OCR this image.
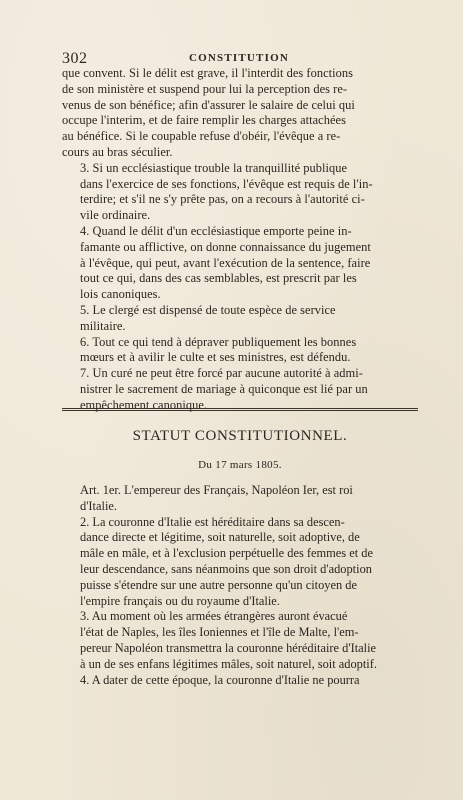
302	CONSTITUTION

que convent. Si le délit est grave, il l'interdit des fonctions
de son ministère et suspend pour lui la perception des re-
venus de son bénéfice; afin d'assurer le salaire de celui qui
occupe l'interim, et de faire remplir les charges attachées
au bénéfice. Si le coupable refuse d'obéir, l'évêque a re-
cours au bras séculier.

3. Si un ecclésiastique trouble la tranquillité publique
dans l'exercice de ses fonctions, l'évêque est requis de l'in-
terdire; et s'il ne s'y prête pas, on a recours à l'autorité ci-
vile ordinaire.

4. Quand le délit d'un ecclésiastique emporte peine in-
famante ou afflictive, on donne connaissance du jugement
à l'évêque, qui peut, avant l'exécution de la sentence, faire
tout ce qui, dans des cas semblables, est prescrit par les
lois canoniques.

5. Le clergé est dispensé de toute espèce de service
militaire.

6. Tout ce qui tend à dépraver publiquement les bonnes
mœurs et à avilir le culte et ses ministres, est défendu.

7. Un curé ne peut être forcé par aucune autorité à admi-
nistrer le sacrement de mariage à quiconque est lié par un
empêchement canonique.

STATUT CONSTITUTIONNEL.
Du 17 mars 1805.

Art. 1er. L'empereur des Français, Napoléon Ier, est roi
d'Italie.

2. La couronne d'Italie est héréditaire dans sa descen-
dance directe et légitime, soit naturelle, soit adoptive, de
mâle en mâle, et à l'exclusion perpétuelle des femmes et de
leur descendance, sans néanmoins que son droit d'adoption
puisse s'étendre sur une autre personne qu'un citoyen de
l'empire français ou du royaume d'Italie.

3. Au moment où les armées étrangères auront évacué
l'état de Naples, les îles Ioniennes et l'île de Malte, l'em-
pereur Napoléon transmettra la couronne héréditaire d'Italie
à un de ses enfans légitimes mâles, soit naturel, soit adoptif.

4. A dater de cette époque, la couronne d'Italie ne pourra
